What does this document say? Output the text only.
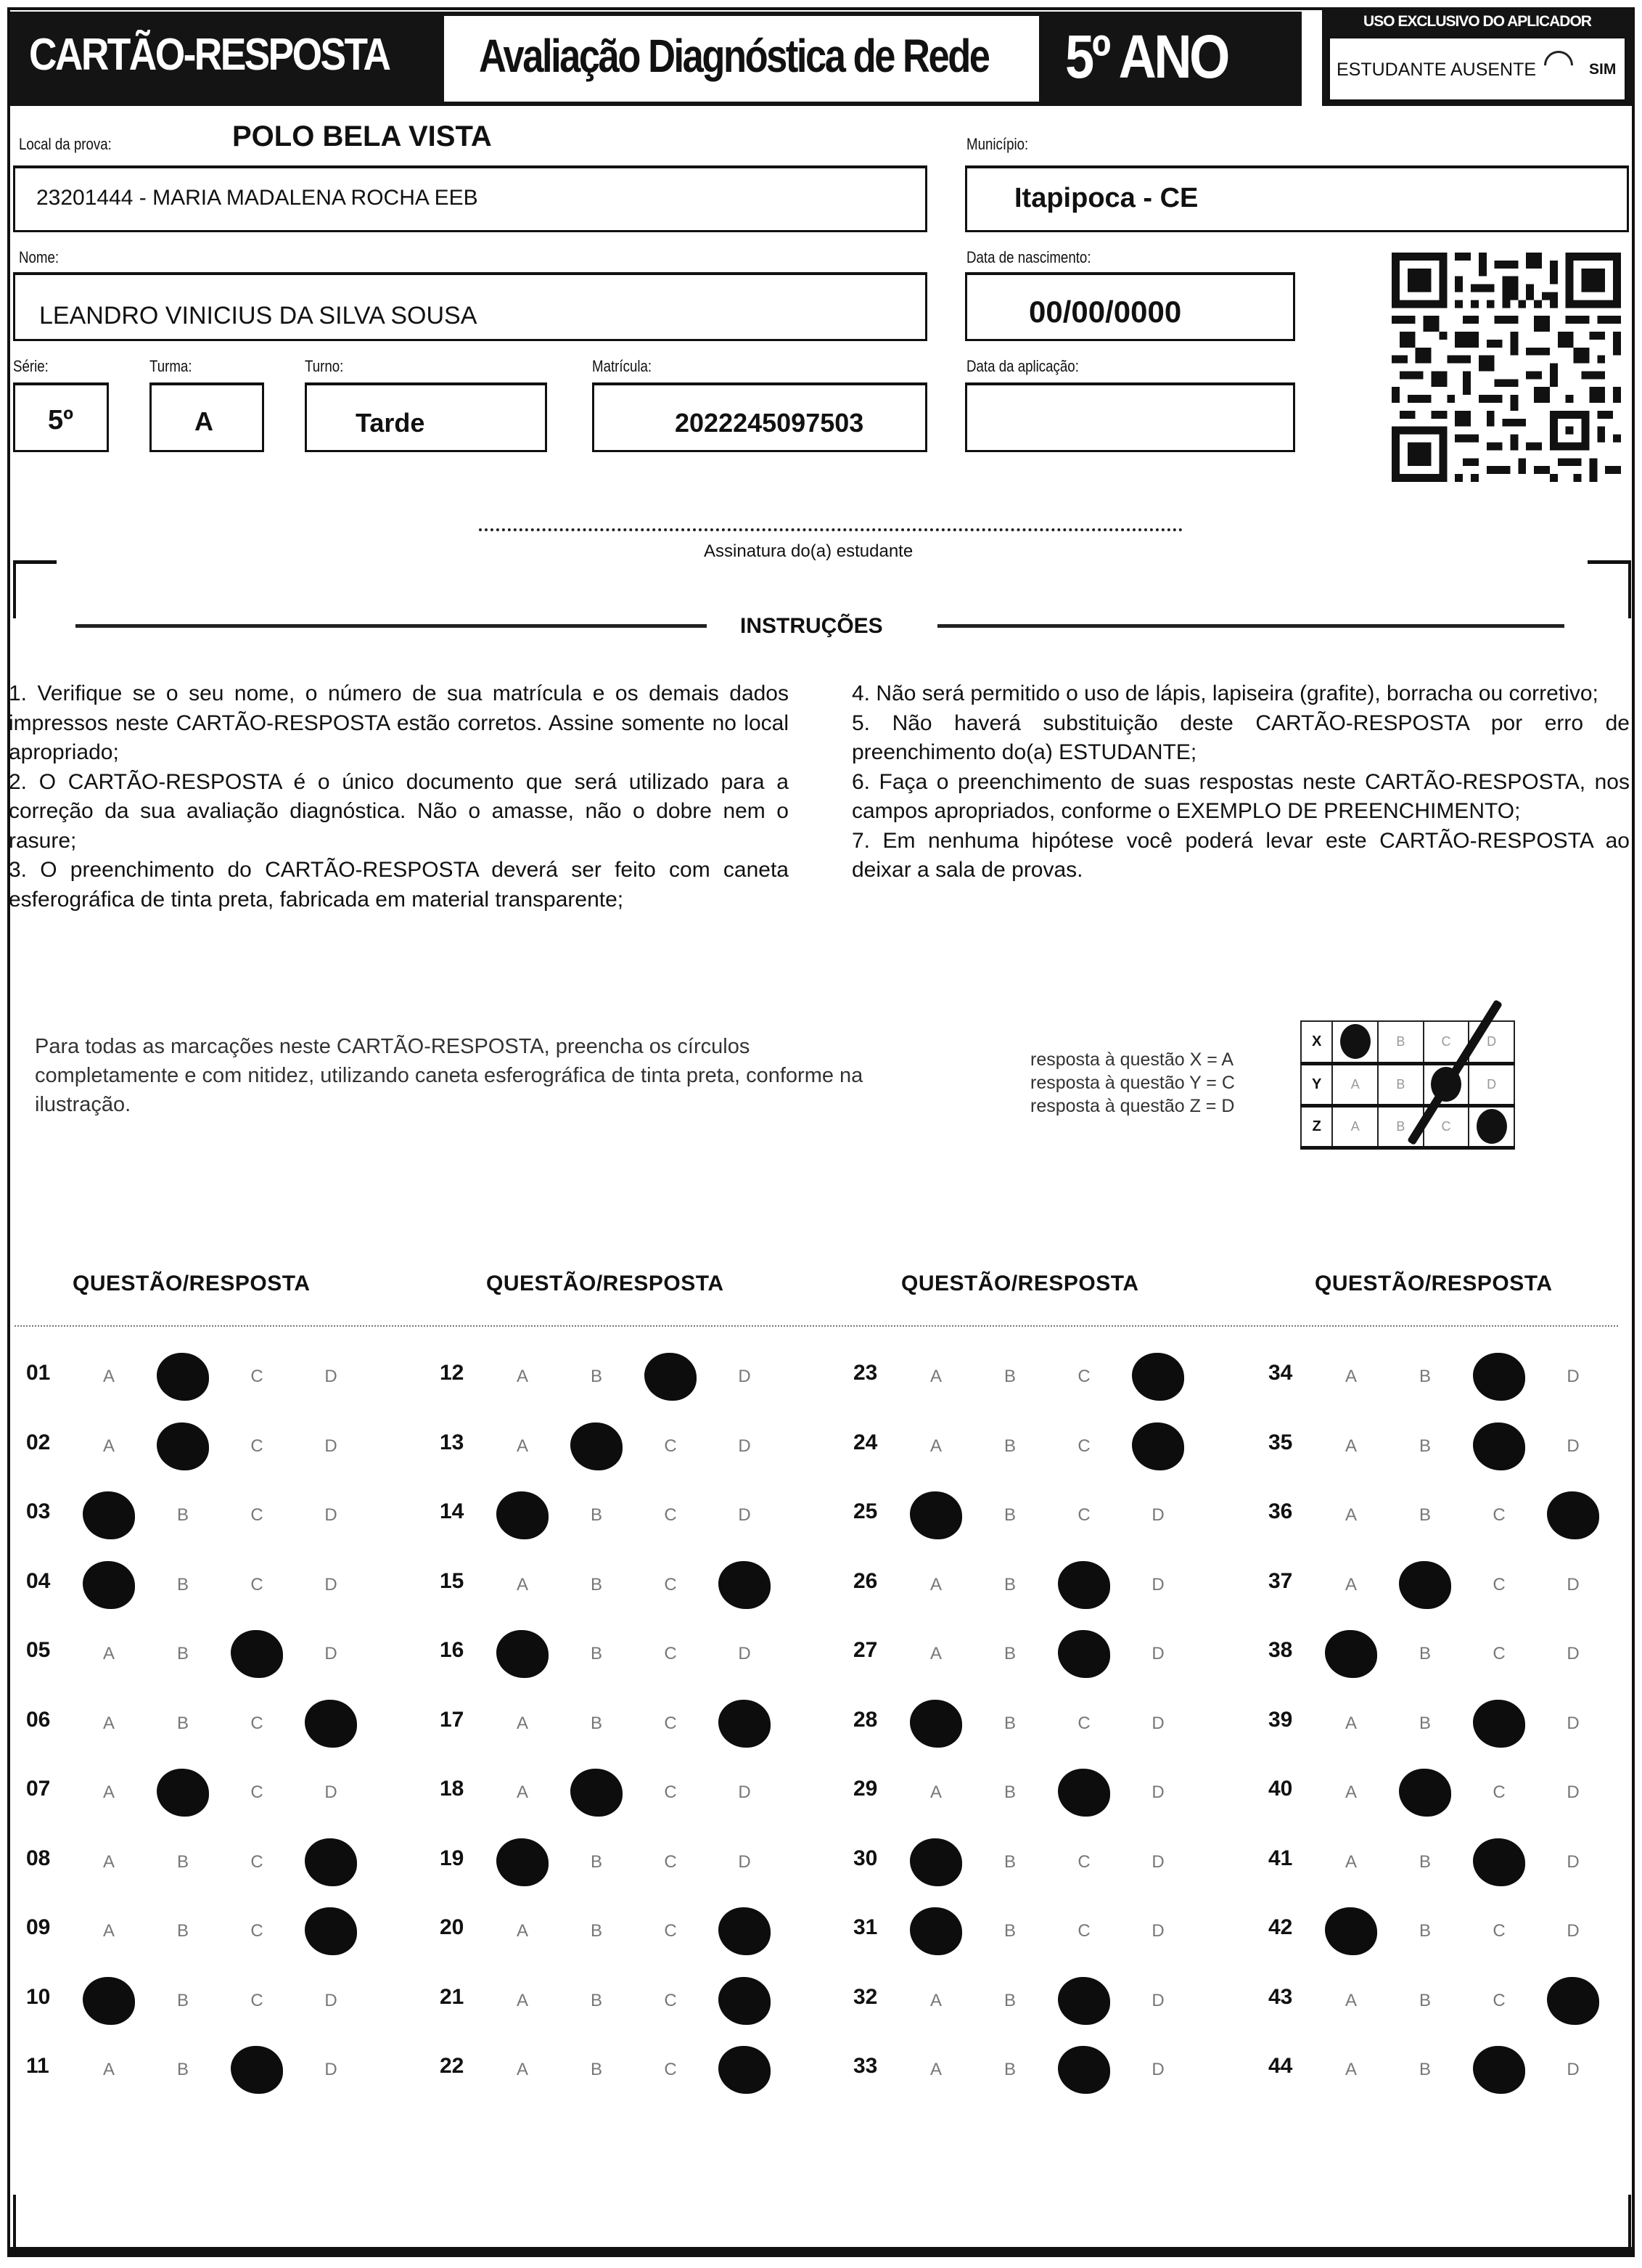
CARTÃO-RESPOSTA Avaliação Diagnóstica de Rede 5º ANO
USO EXCLUSIVO DO APLICADOR
ESTUDANTE AUSENTE	SIM
Local da prova:	POLO BELA VISTA
23201444 - MARIA MADALENA ROCHA EEB
Município:
Itapipoca - CE
Nome:
LEANDRO VINICIUS DA SILVA SOUSA
Data de nascimento:
00/00/0000
Série:
5º
Turma:
A
Turno:
Tarde
Matrícula:
2022245097503
Data da aplicação:
Assinatura do(a) estudante
INSTRUÇÕES

1. Verifique se o seu nome, o número de sua matrícula e os demais dados impressos neste CARTÃO-RESPOSTA estão corretos. Assine somente no local apropriado;

2. O CARTÃO-RESPOSTA é o único documento que será utilizado para a correção da sua avaliação diagnóstica. Não o amasse, não o dobre nem o rasure;

3. O preenchimento do CARTÃO-RESPOSTA deverá ser feito com caneta esferográfica de tinta preta, fabricada em material transparente;

4. Não será permitido o uso de lápis, lapiseira (grafite), borracha ou corretivo;

5. Não haverá substituição deste CARTÃO-RESPOSTA por erro de preenchimento do(a) ESTUDANTE;

6. Faça o preenchimento de suas respostas neste CARTÃO-RESPOSTA, nos campos apropriados, conforme o EXEMPLO DE PREENCHIMENTO;

7. Em nenhuma hipótese você poderá levar este CARTÃO-RESPOSTA ao deixar a sala de provas.

Para todas as marcações neste CARTÃO-RESPOSTA, preencha os círculos completamente e com nitidez, utilizando caneta esferográfica de tinta preta, conforme na ilustração.
resposta à questão X = A
resposta à questão Y = C
resposta à questão Z = D
X		B	C	D
Y	A	B		D
Z	A	B	C	
QUESTÃO/RESPOSTA	QUESTÃO/RESPOSTA	QUESTÃO/RESPOSTA	QUESTÃO/RESPOSTA
01	A	C	D
02	A	C	D
03	B	C	D
04	B	C	D
05	A	B	D
06	A	B	C
07	A	C	D
08	A	B	C
09	A	B	C
10	B	C	D
11	A	B	D
12	A	B	D
13	A	C	D
14	B	C	D
15	A	B	C
16	B	C	D
17	A	B	C
18	A	C	D
19	B	C	D
20	A	B	C
21	A	B	C
22	A	B	C
23	A	B	C
24	A	B	C
25	B	C	D
26	A	B	D
27	A	B	D
28	B	C	D
29	A	B	D
30	B	C	D
31	B	C	D
32	A	B	D
33	A	B	D
34	A	B	D
35	A	B	D
36	A	B	C
37	A	C	D
38	B	C	D
39	A	B	D
40	A	C	D
41	A	B	D
42	B	C	D
43	A	B	C
44	A	B	D
